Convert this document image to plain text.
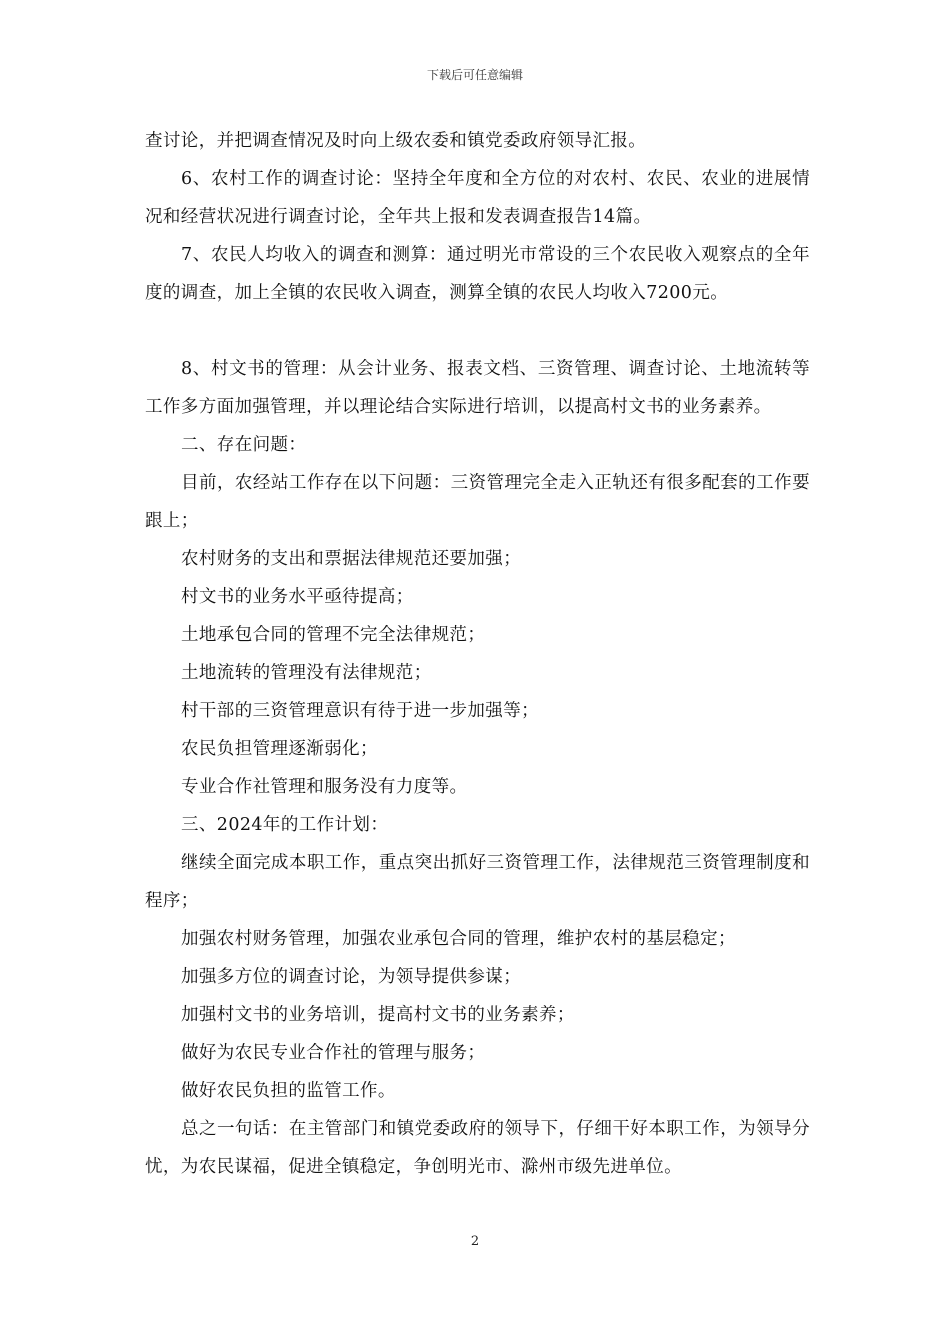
下载后可任意编辑

查讨论，并把调查情况及时向上级农委和镇党委政府领导汇报。

6、农村工作的调查讨论：坚持全年度和全方位的对农村、农民、农业的进展情况和经营状况进行调查讨论，全年共上报和发表调查报告14篇。

7、农民人均收入的调查和测算：通过明光市常设的三个农民收入观察点的全年度的调查，加上全镇的农民收入调查，测算全镇的农民人均收入7200元。

8、村文书的管理：从会计业务、报表文档、三资管理、调查讨论、土地流转等工作多方面加强管理，并以理论结合实际进行培训，以提高村文书的业务素养。

二、存在问题：

目前，农经站工作存在以下问题：三资管理完全走入正轨还有很多配套的工作要跟上；

农村财务的支出和票据法律规范还要加强；

村文书的业务水平亟待提高；

土地承包合同的管理不完全法律规范；

土地流转的管理没有法律规范；

村干部的三资管理意识有待于进一步加强等；

农民负担管理逐渐弱化；

专业合作社管理和服务没有力度等。

三、2024年的工作计划：

继续全面完成本职工作，重点突出抓好三资管理工作，法律规范三资管理制度和程序；

加强农村财务管理，加强农业承包合同的管理，维护农村的基层稳定；

加强多方位的调查讨论，为领导提供参谋；

加强村文书的业务培训，提高村文书的业务素养；

做好为农民专业合作社的管理与服务；

做好农民负担的监管工作。

总之一句话：在主管部门和镇党委政府的领导下，仔细干好本职工作，为领导分忧，为农民谋福，促进全镇稳定，争创明光市、滁州市级先进单位。

2
